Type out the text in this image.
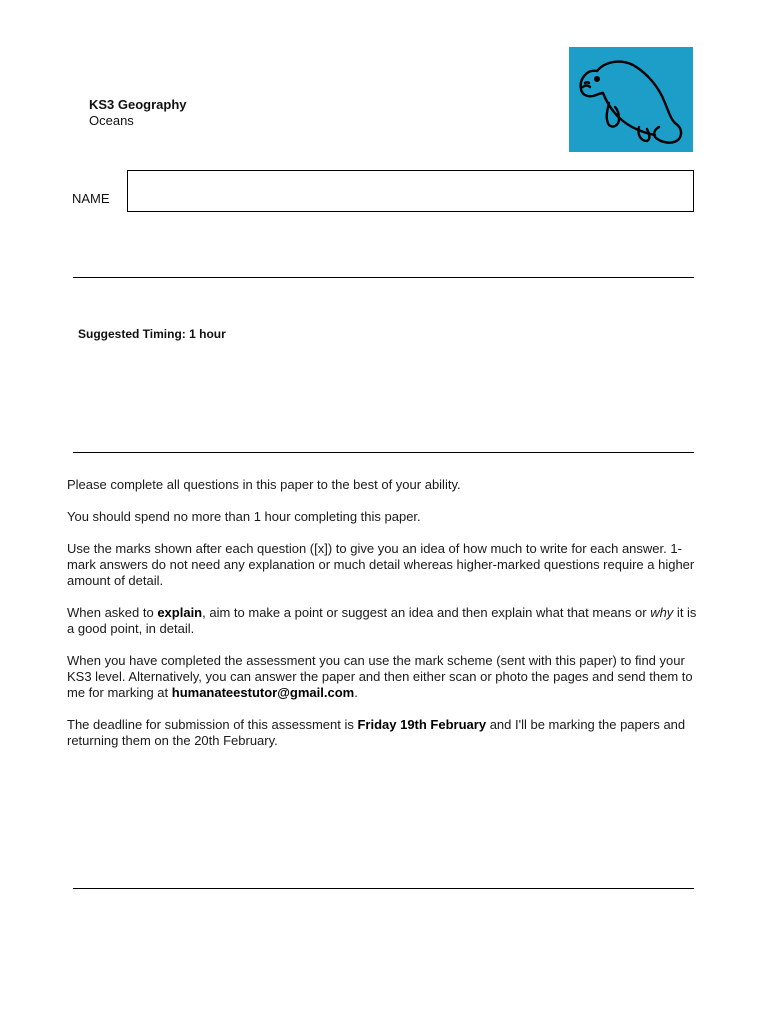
KS3 Geography
Oceans
NAME
Suggested Timing: 1 hour

Please complete all questions in this paper to the best of your ability.

You should spend no more than 1 hour completing this paper.

Use the marks shown after each question ([x]) to give you an idea of how much to write for each answer. 1-mark answers do not need any explanation or much detail whereas higher-marked questions require a higher amount of detail.

When asked to explain, aim to make a point or suggest an idea and then explain what that means or why it is a good point, in detail.

When you have completed the assessment you can use the mark scheme (sent with this paper) to find your KS3 level. Alternatively, you can answer the paper and then either scan or photo the pages and send them to me for marking at humanateestutor@gmail.com.

The deadline for submission of this assessment is Friday 19th February and I'll be marking the papers and returning them on the 20th February.
